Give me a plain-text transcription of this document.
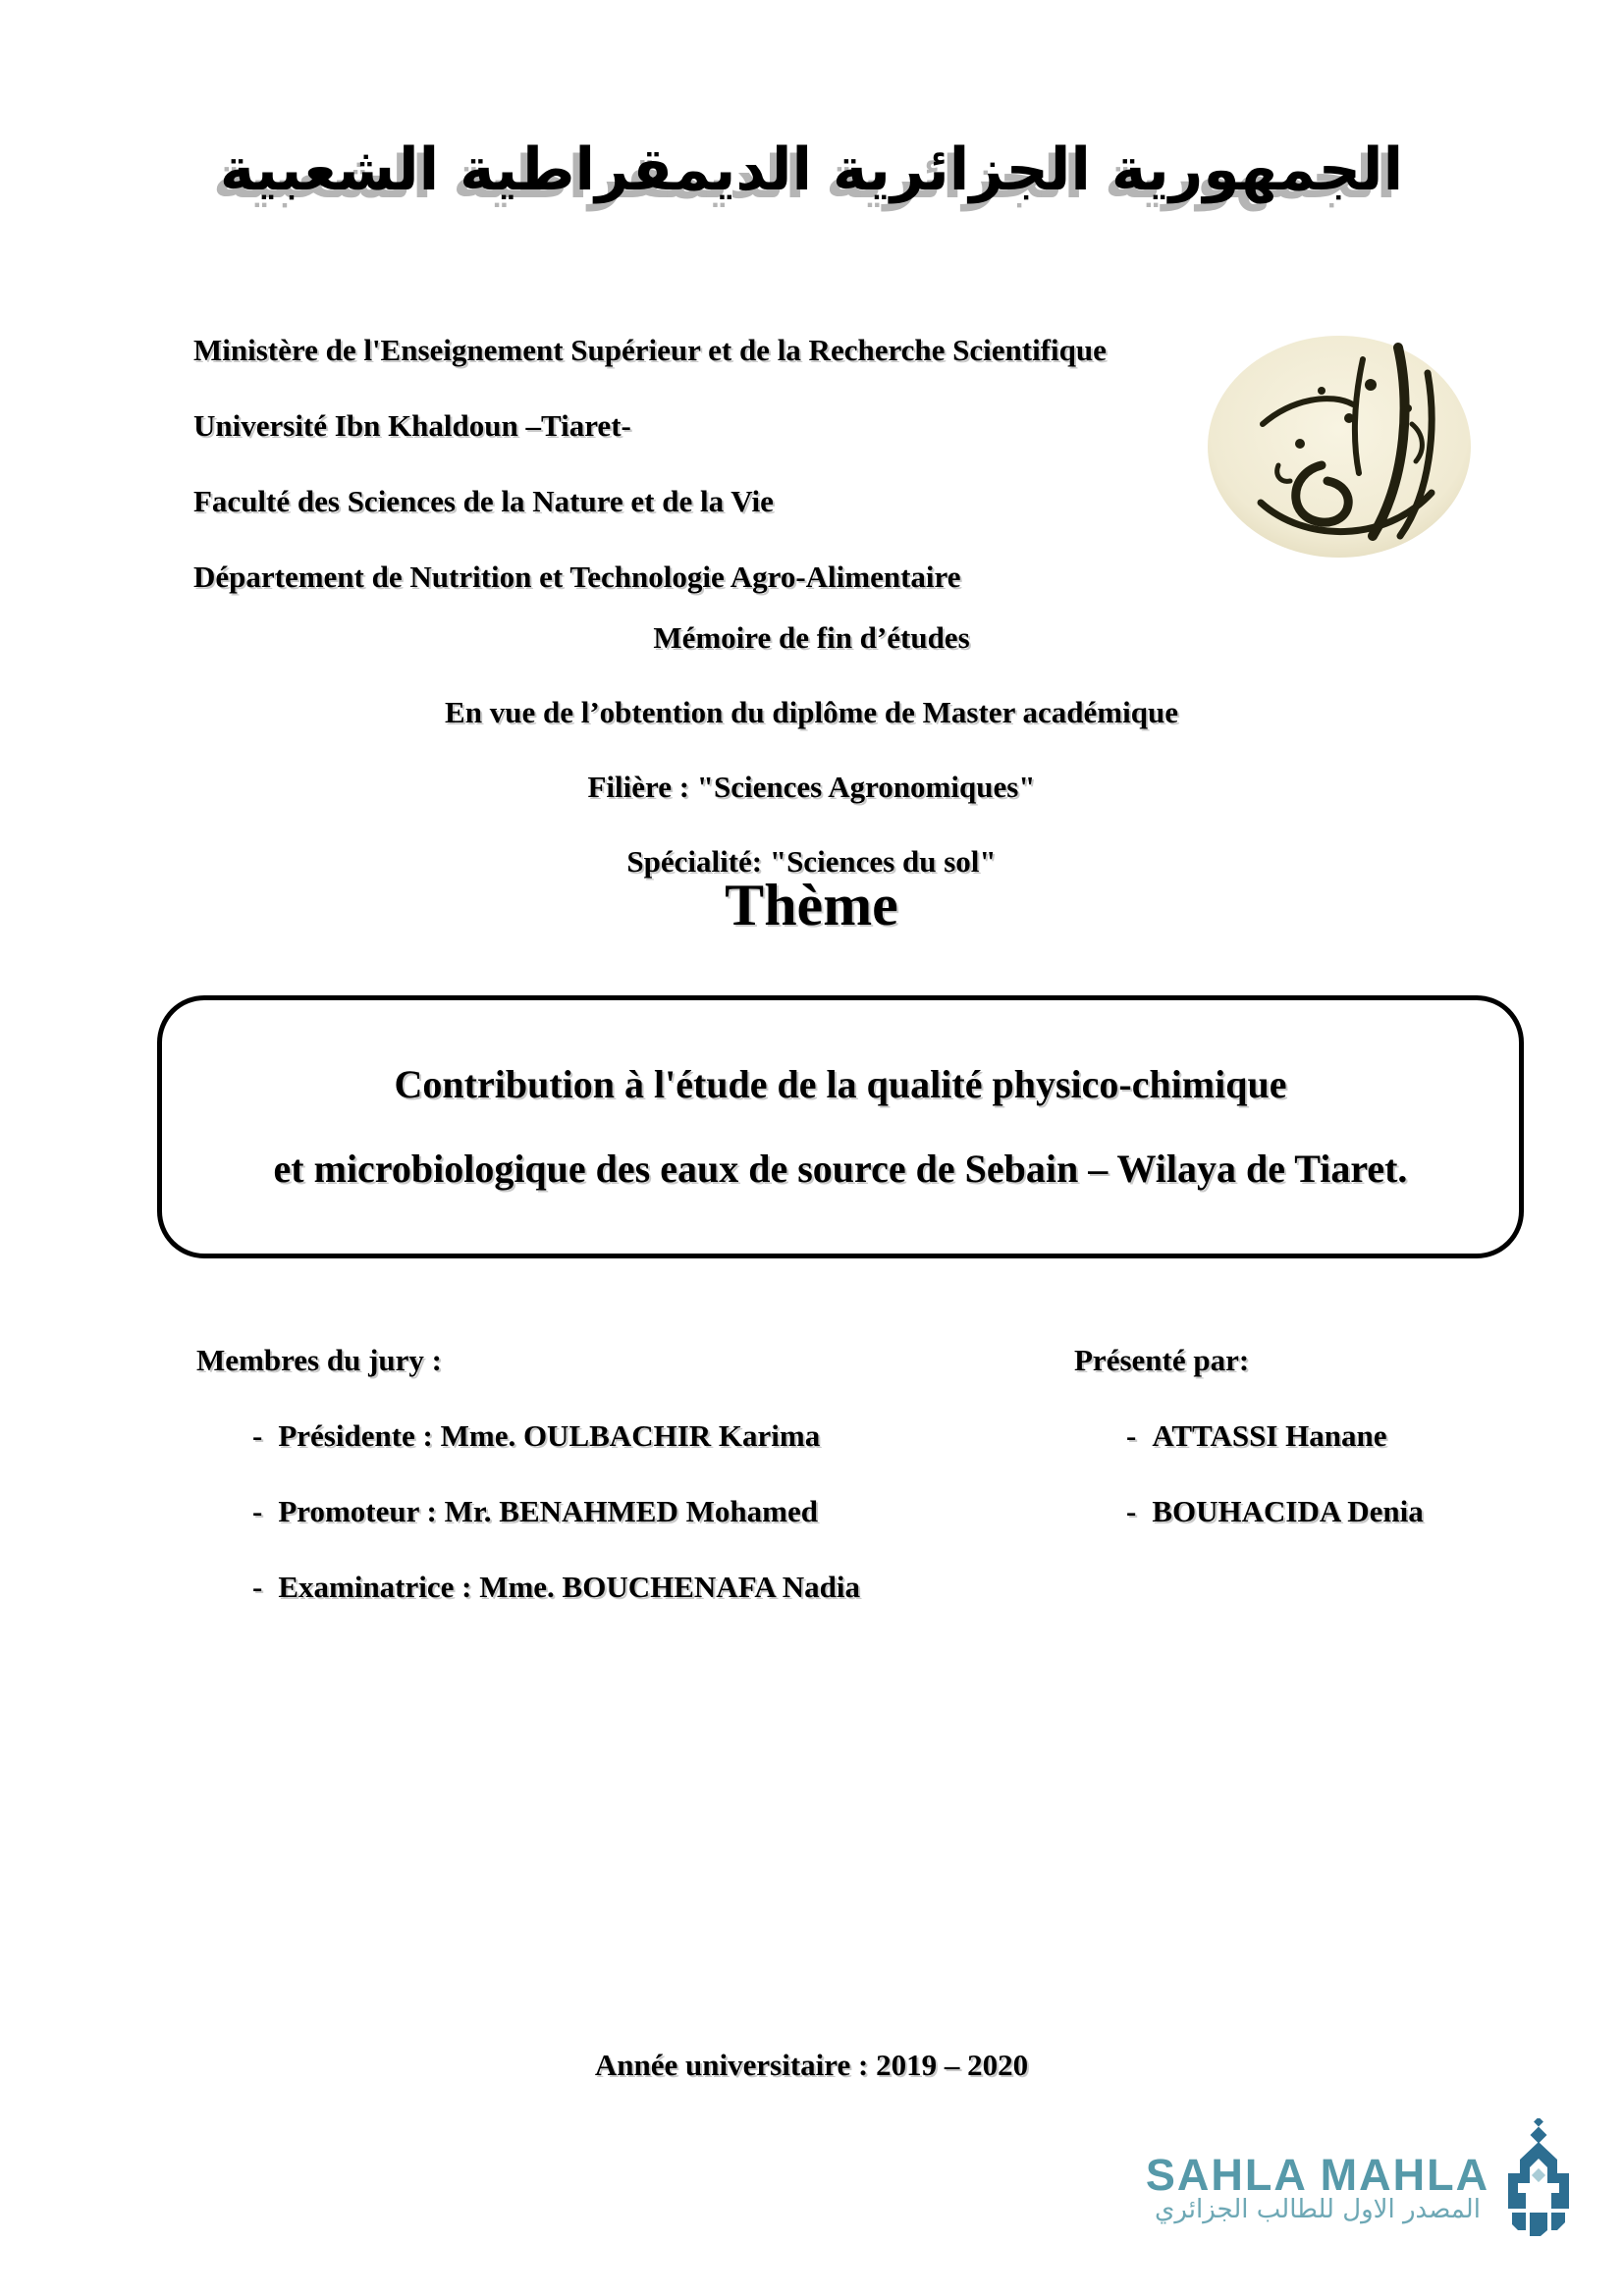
الجمهورية الجزائرية الديمقراطية الشعبية
Ministère de l'Enseignement Supérieur et de la Recherche Scientifique
Université Ibn Khaldoun –Tiaret-
Faculté des Sciences de la Nature et de la Vie
Département de Nutrition et Technologie Agro-Alimentaire
Mémoire de fin d’études
En vue de l’obtention du diplôme de Master académique
Filière : "Sciences Agronomiques"
Spécialité: "Sciences du sol"
Thème
Contribution à l'étude de la qualité physico-chimique
et microbiologique des eaux de source de Sebain – Wilaya de Tiaret.
Membres du jury :	Présenté par:
- Présidente : Mme. OULBACHIR Karima
- Promoteur : Mr. BENAHMED Mohamed
- Examinatrice : Mme. BOUCHENAFA Nadia
- ATTASSI Hanane
- BOUHACIDA Denia
Année universitaire : 2019 – 2020
SAHLA MAHLA
المصدر الاول للطالب الجزائري
